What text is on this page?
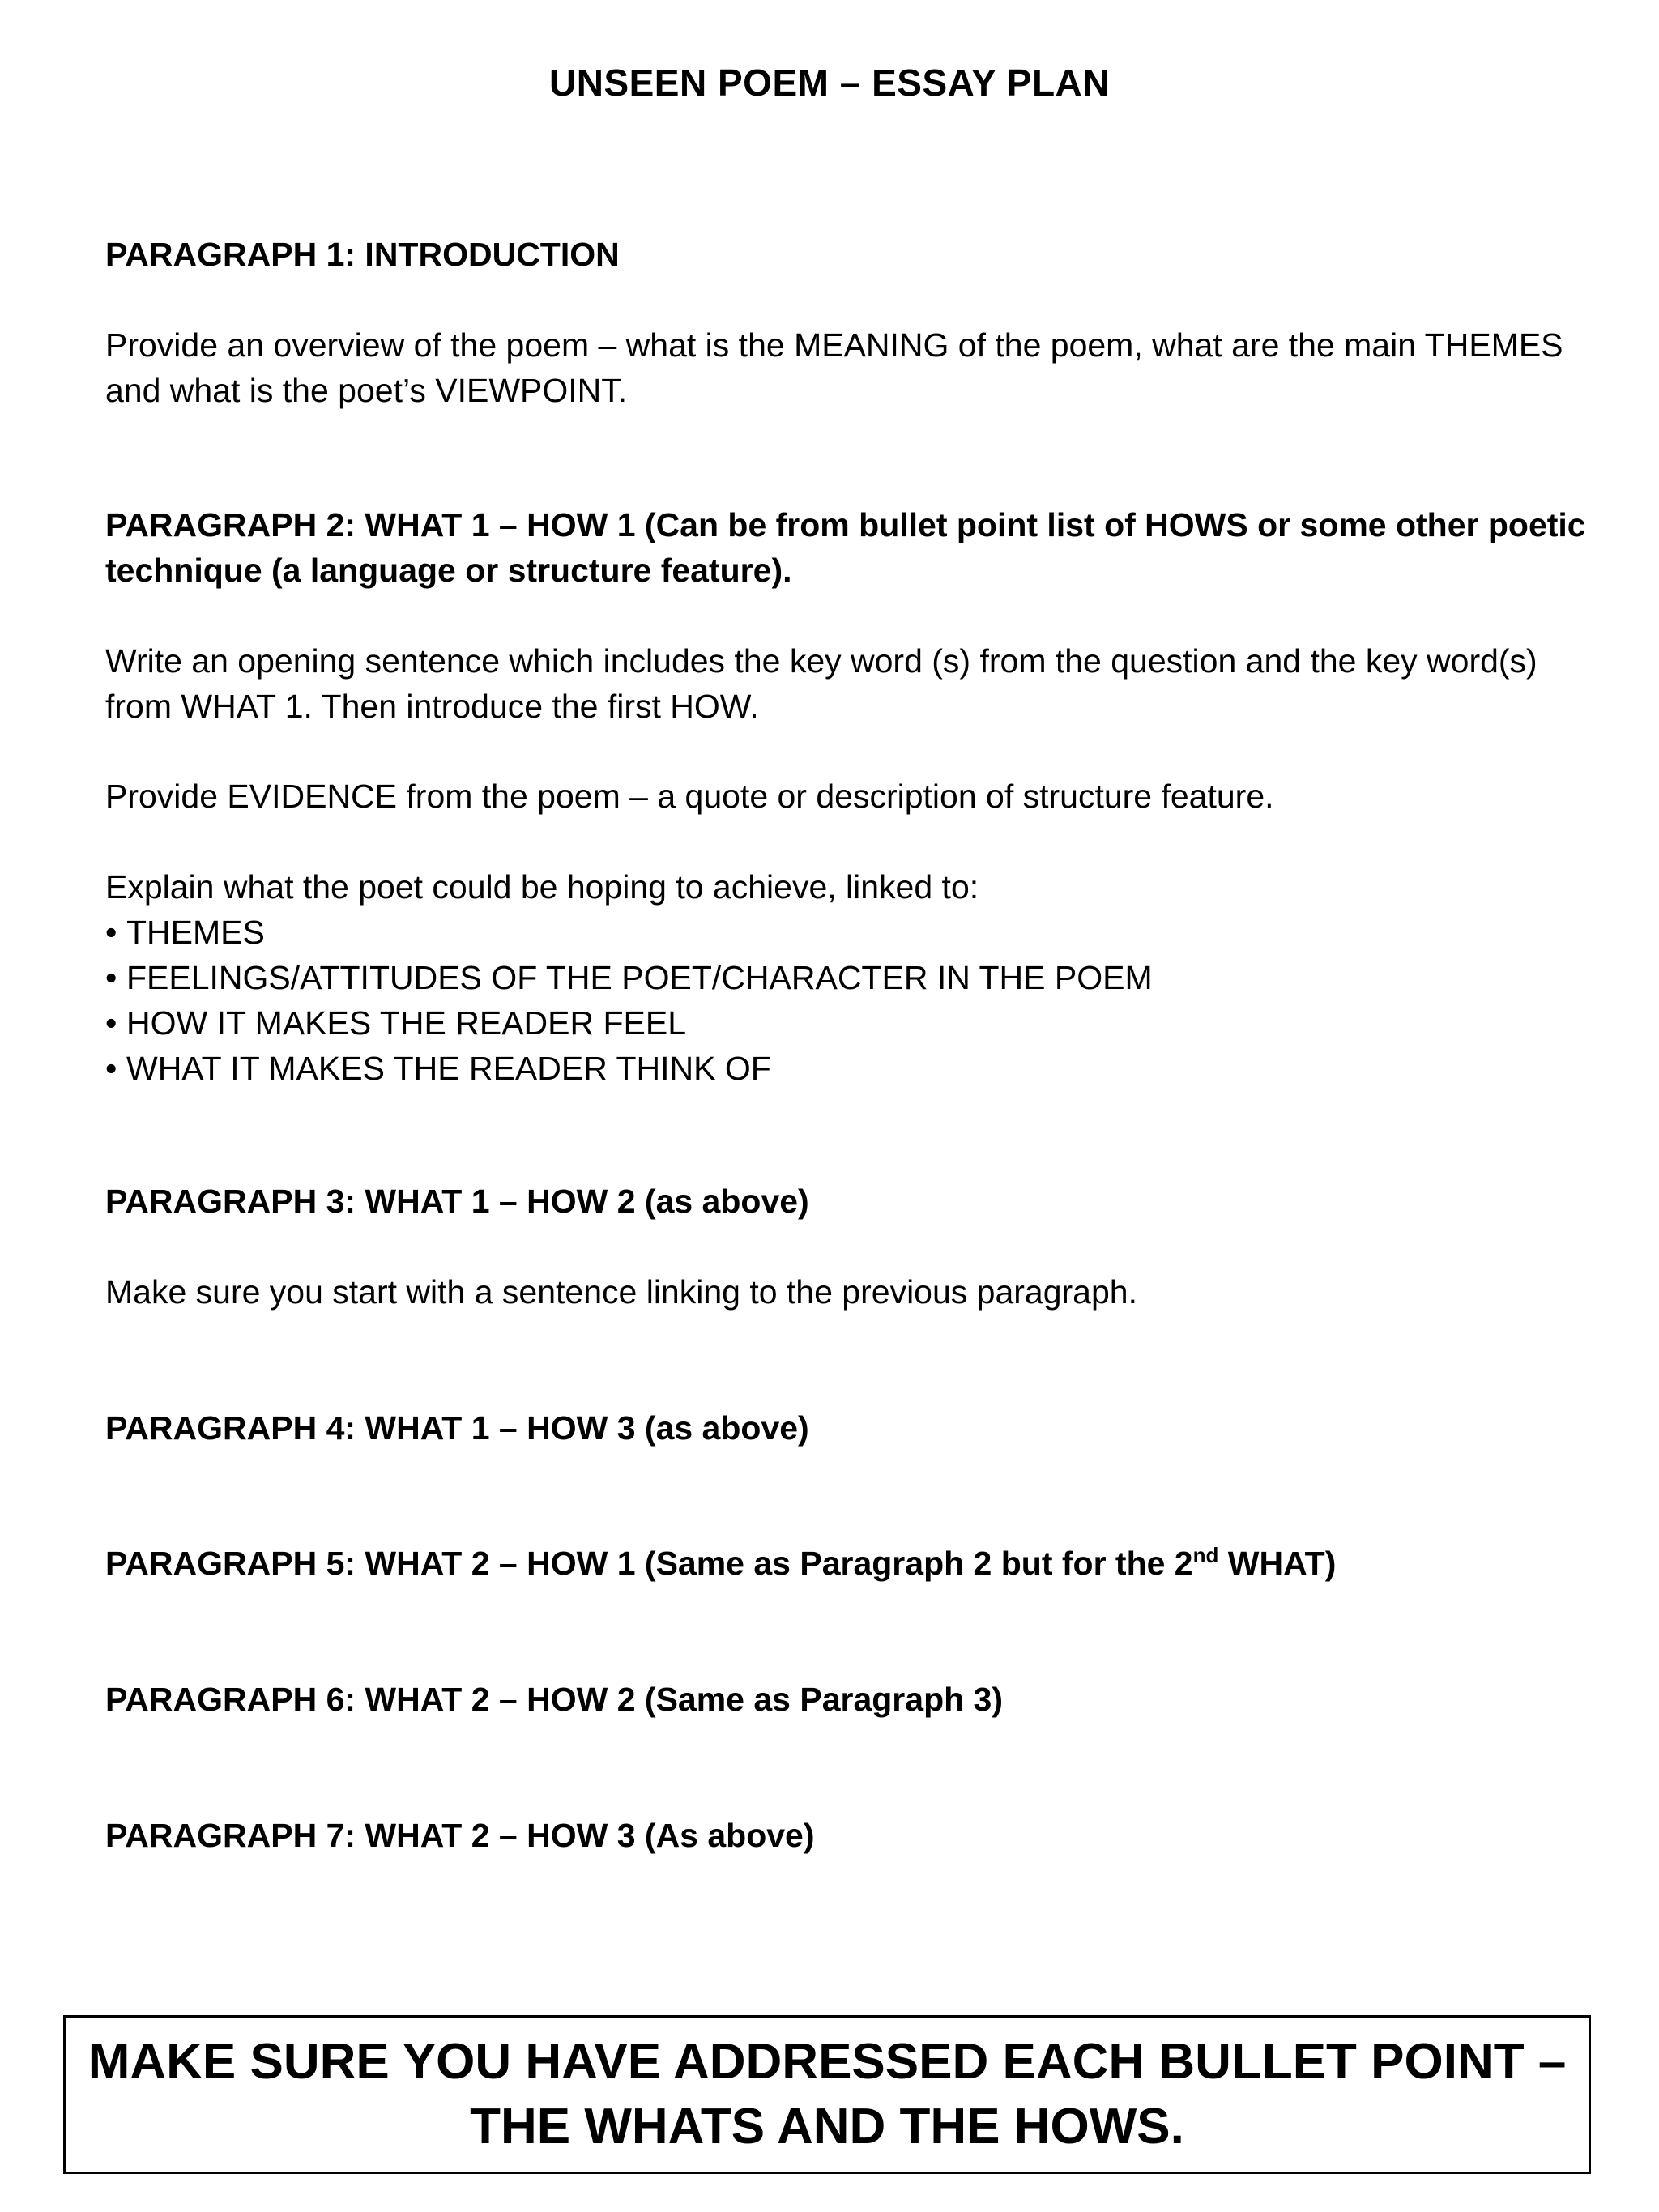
UNSEEN POEM – ESSAY PLAN
PARAGRAPH 1: INTRODUCTION
Provide an overview of the poem – what is the MEANING of the poem, what are the main THEMES and what is the poet’s VIEWPOINT.
PARAGRAPH 2: WHAT 1 – HOW 1 (Can be from bullet point list of HOWS or some other poetic technique (a language or structure feature).
Write an opening sentence which includes the key word (s) from the question and the key word(s) from WHAT 1. Then introduce the first HOW.
Provide EVIDENCE from the poem – a quote or description of structure feature.
Explain what the poet could be hoping to achieve, linked to:
• THEMES
• FEELINGS/ATTITUDES OF THE POET/CHARACTER IN THE POEM
• HOW IT MAKES THE READER FEEL
• WHAT IT MAKES THE READER THINK OF
PARAGRAPH 3: WHAT 1 – HOW 2 (as above)
Make sure you start with a sentence linking to the previous paragraph.
PARAGRAPH 4: WHAT 1 – HOW 3 (as above)
PARAGRAPH 5: WHAT 2 – HOW 1 (Same as Paragraph 2 but for the 2nd WHAT)
PARAGRAPH 6: WHAT 2 – HOW 2 (Same as Paragraph 3)
PARAGRAPH 7: WHAT 2 – HOW 3 (As above)
MAKE SURE YOU HAVE ADDRESSED EACH BULLET POINT – THE WHATS AND THE HOWS.
